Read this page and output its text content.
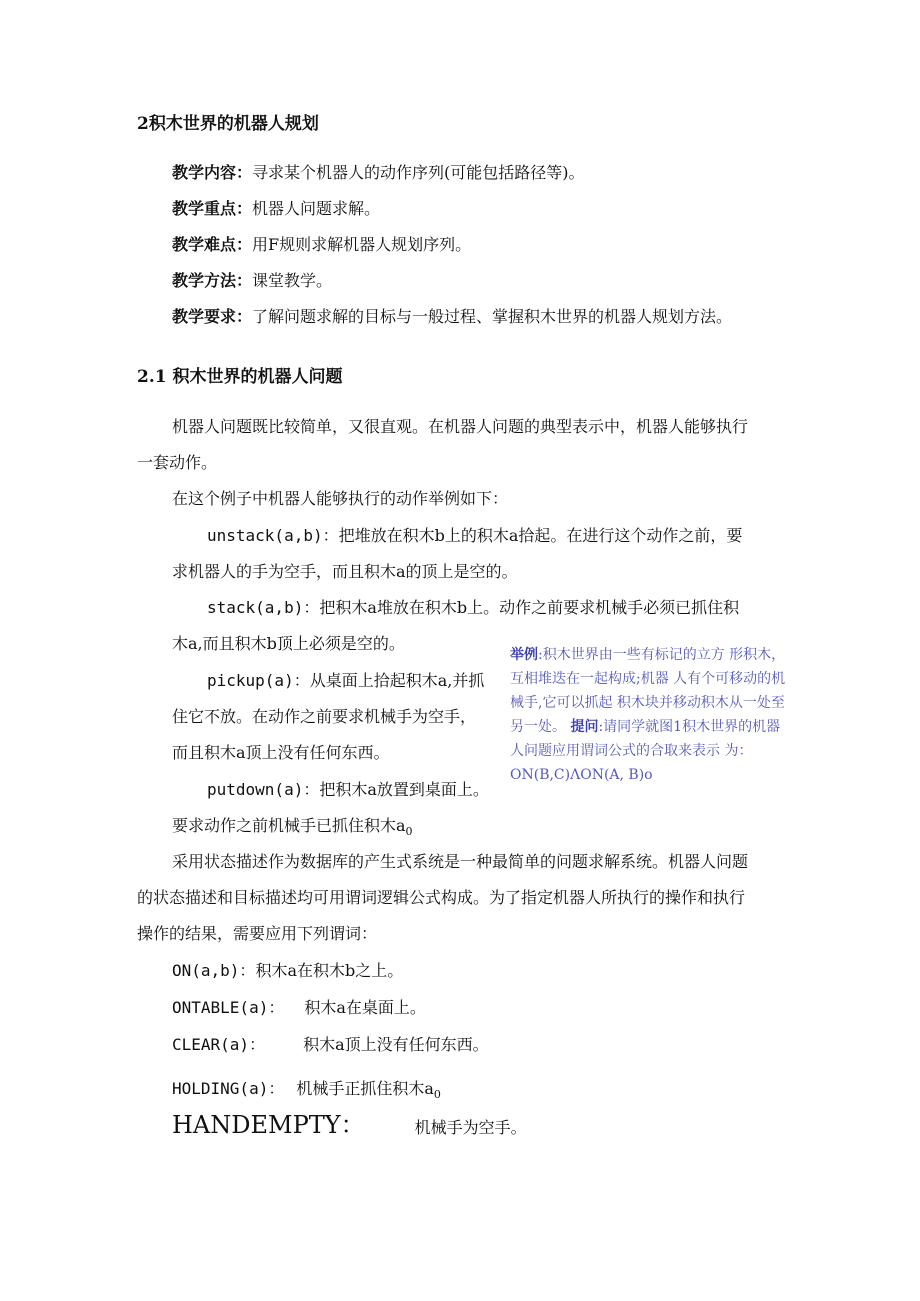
2积木世界的机器人规划
教学内容：寻求某个机器人的动作序列(可能包括路径等)。
教学重点：机器人问题求解。
教学难点：用F规则求解机器人规划序列。
教学方法：课堂教学。
教学要求：了解问题求解的目标与一般过程、掌握积木世界的机器人规划方法。
2.1 积木世界的机器人问题
机器人问题既比较简单，又很直观。在机器人问题的典型表示中，机器人能够执行
一套动作。
在这个例子中机器人能够执行的动作举例如下：
unstack(a,b)：把堆放在积木b上的积木a拾起。在进行这个动作之前，要
求机器人的手为空手，而且积木a的顶上是空的。
stack(a,b)：把积木a堆放在积木b上。动作之前要求机械手必须已抓住积
木a,而且积木b顶上必须是空的。
pickup(a)：从桌面上拾起积木a,并抓
住它不放。在动作之前要求机械手为空手，
而且积木a顶上没有任何东西。
putdown(a)：把积木a放置到桌面上。
要求动作之前机械手已抓住积木$a_0$
举例:积木世界由一些有标记的立方 形积木，互相堆迭在一起构成;机器 人有个可移动的机械手,它可以抓起 积木块并移动积木从一处至另一处。 提问:请同学就图1积木世界的机器 人问题应用谓词公式的合取来表示 为：ON(B,C)ΛON(A, B)o
采用状态描述作为数据库的产生式系统是一种最简单的问题求解系统。机器人问题
的状态描述和目标描述均可用谓词逻辑公式构成。为了指定机器人所执行的操作和执行
操作的结果，需要应用下列谓词：
ON(a,b)：积木a在积木b之上。
ONTABLE(a)： 积木a在桌面上。
CLEAR(a)： 积木a顶上没有任何东西。
HOLDING(a)： 机械手正抓住积木$a_0$
HANDEMPTY：	机械手为空手。
